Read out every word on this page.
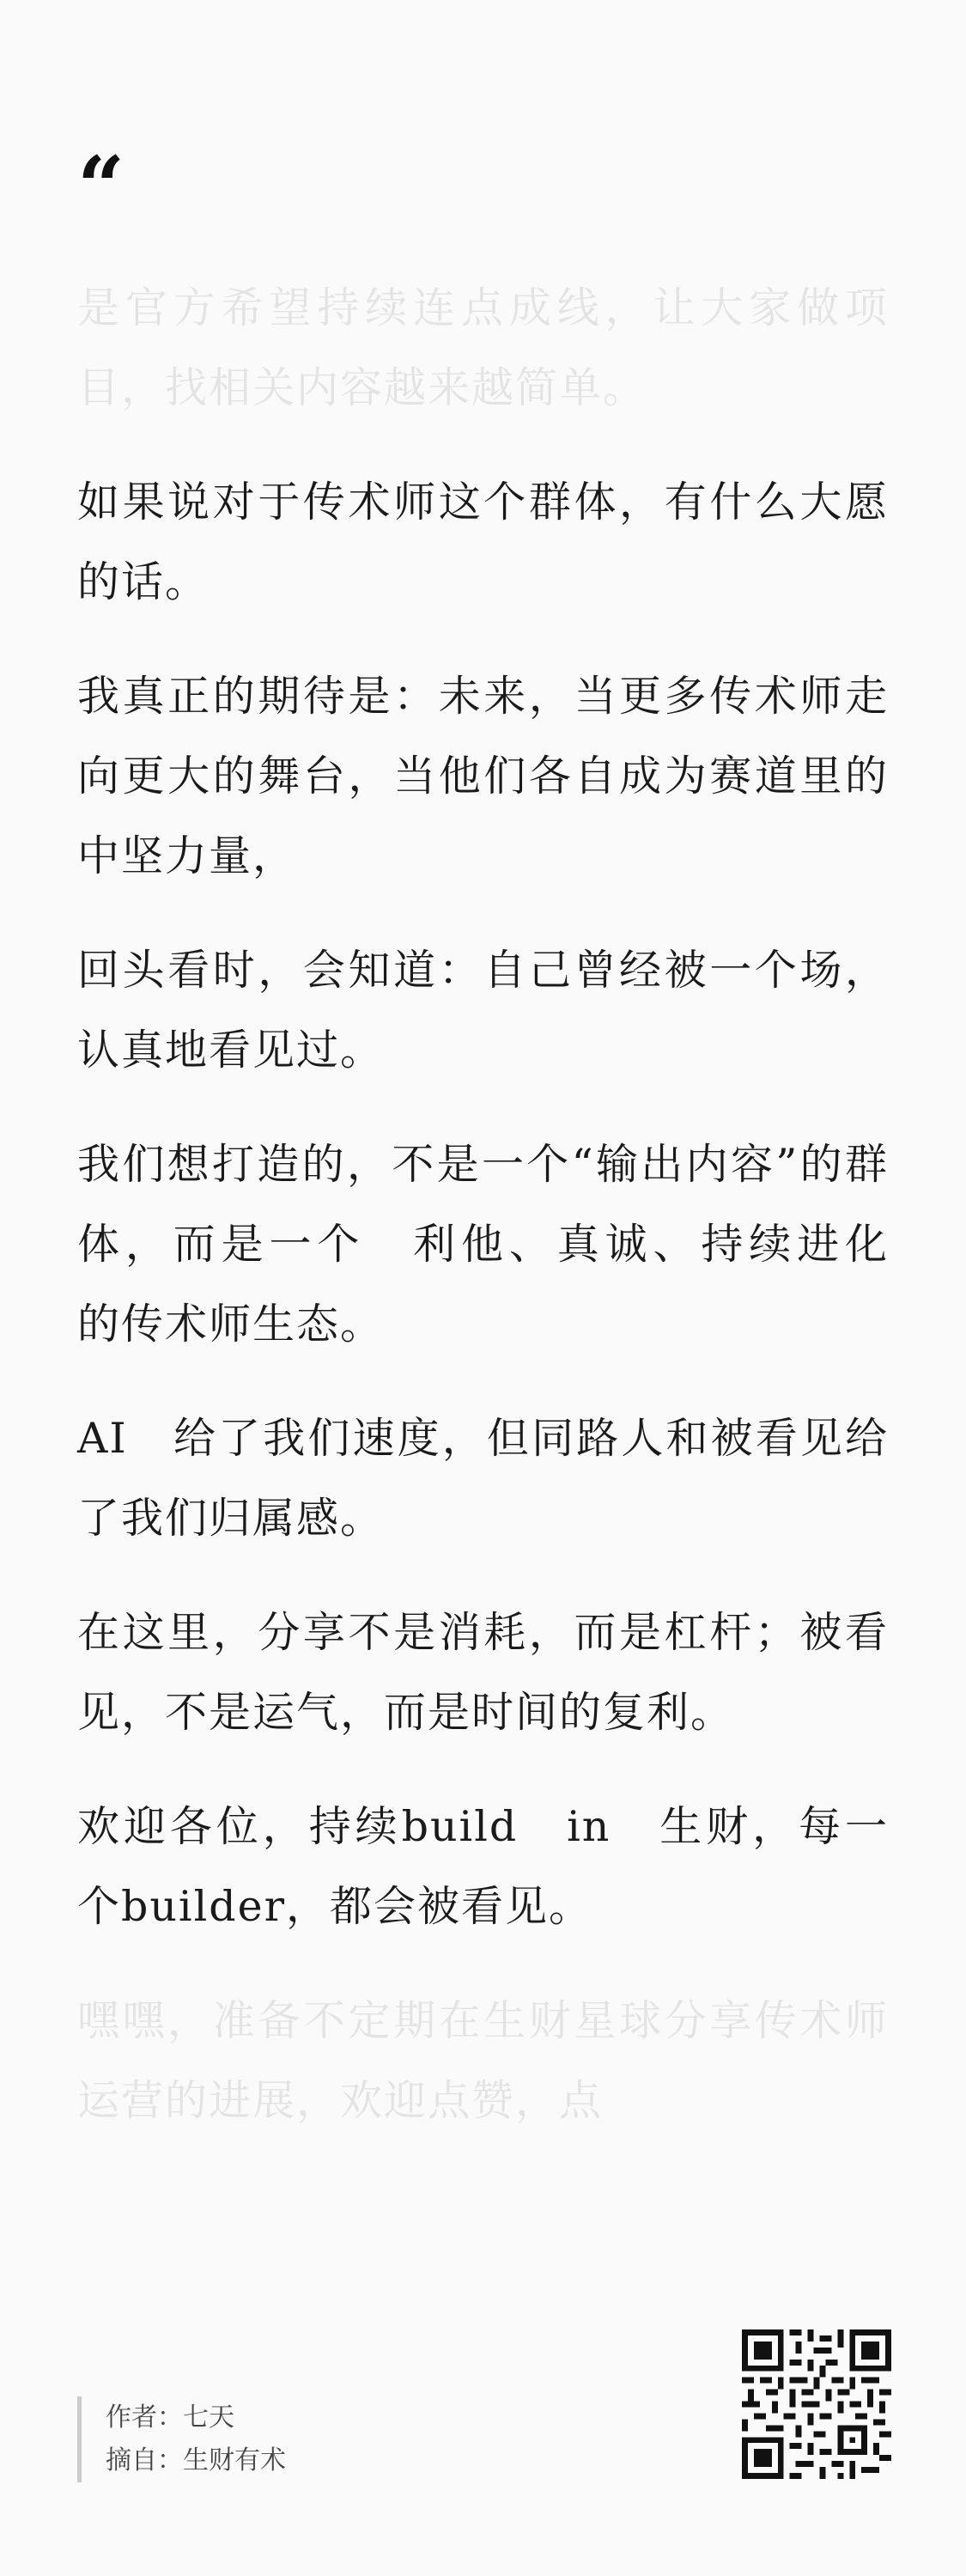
“

是官方希望持续连点成线，让大家做项目，找相关内容越来越简单。

如果说对于传术师这个群体，有什么大愿的话。

我真正的期待是：未来，当更多传术师走向更大的舞台，当他们各自成为赛道里的中坚力量，

回头看时，会知道：自己曾经被一个场，认真地看见过。

我们想打造的，不是一个“输出内容”的群体，而是一个　利他、真诚、持续进化　的传术师生态。

AI　给了我们速度，但同路人和被看见给了我们归属感。

在这里，分享不是消耗，而是杠杆；被看见，不是运气，而是时间的复利。

欢迎各位，持续build　in　生财，每一个builder，都会被看见。

嘿嘿，准备不定期在生财星球分享传术师运营的进展，欢迎点赞，点

作者：七天
摘自：生财有术
